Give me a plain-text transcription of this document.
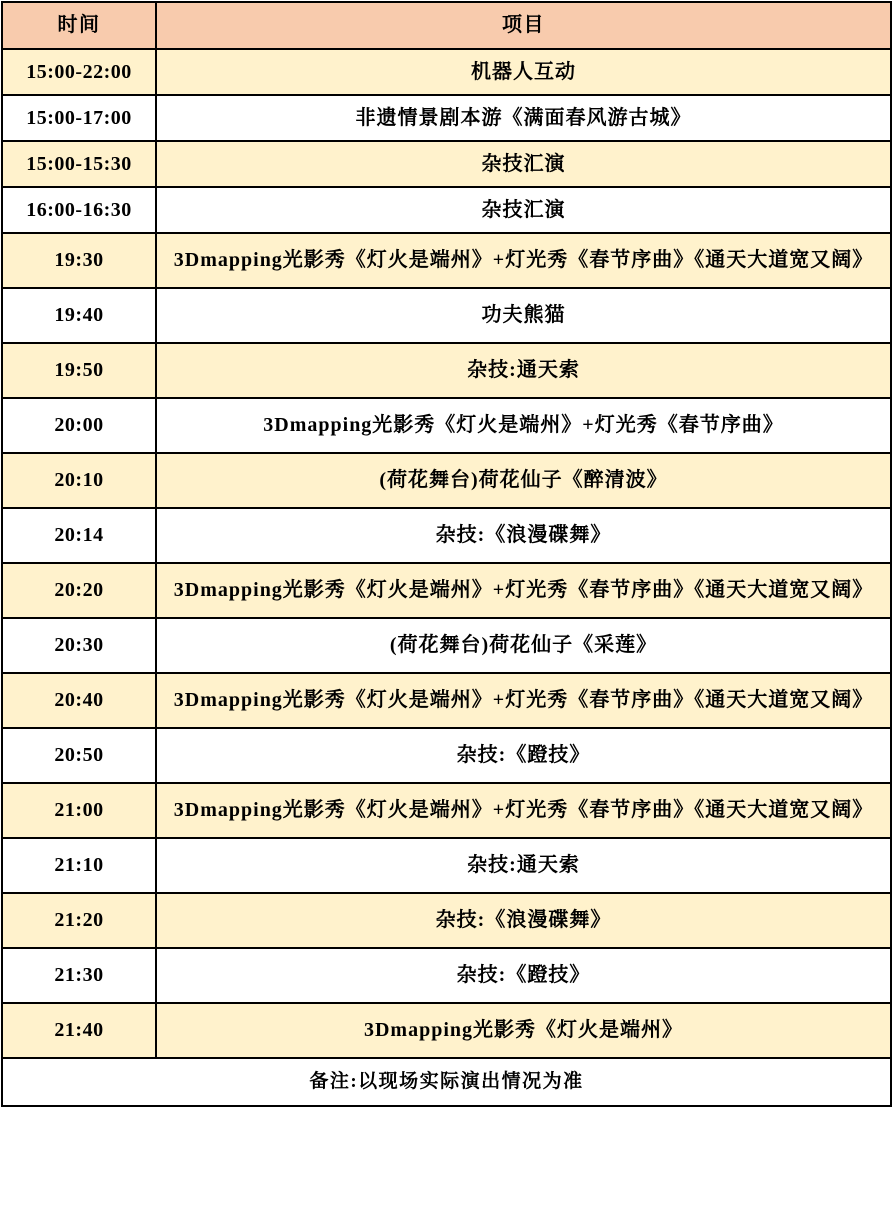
时间	项目
15:00-22:00	机器人互动
15:00-17:00	非遗情景剧本游《满面春风游古城》
15:00-15:30	杂技汇演
16:00-16:30	杂技汇演
19:30	3Dmapping光影秀《灯火是端州》+灯光秀《春节序曲》《通天大道宽又阔》
19:40	功夫熊猫
19:50	杂技:通天索
20:00	3Dmapping光影秀《灯火是端州》+灯光秀《春节序曲》
20:10	(荷花舞台)荷花仙子《醉清波》
20:14	杂技:《浪漫碟舞》
20:20	3Dmapping光影秀《灯火是端州》+灯光秀《春节序曲》《通天大道宽又阔》
20:30	(荷花舞台)荷花仙子《采莲》
20:40	3Dmapping光影秀《灯火是端州》+灯光秀《春节序曲》《通天大道宽又阔》
20:50	杂技:《蹬技》
21:00	3Dmapping光影秀《灯火是端州》+灯光秀《春节序曲》《通天大道宽又阔》
21:10	杂技:通天索
21:20	杂技:《浪漫碟舞》
21:30	杂技:《蹬技》
21:40	3Dmapping光影秀《灯火是端州》
备注:以现场实际演出情况为准	
